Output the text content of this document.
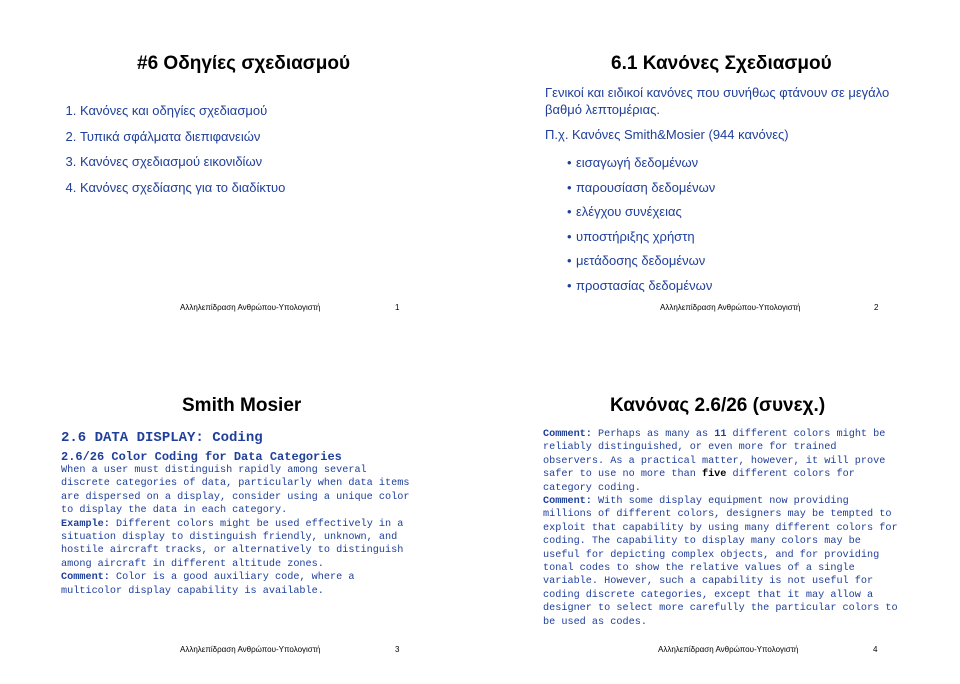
#6 Οδηγίες σχεδιασμού
1. Κανόνες και οδηγίες σχεδιασμού
2. Τυπικά σφάλματα διεπιφανειών
3. Κανόνες σχεδιασμού εικονιδίων
4. Κανόνες σχεδίασης για το διαδίκτυο
Αλληλεπίδραση Ανθρώπου-Υπολογιστή	1
6.1 Κανόνες Σχεδιασμού
Γενικοί και ειδικοί κανόνες που συνήθως φτάνουν σε μεγάλο βαθμό λεπτομέριας.
Π.χ. Κανόνες Smith&Mosier (944 κανόνες)
• εισαγωγή δεδομένων
• παρουσίαση δεδομένων
• ελέγχου συνέχειας
• υποστήριξης χρήστη
• μετάδοσης δεδομένων
• προστασίας δεδομένων
Αλληλεπίδραση Ανθρώπου-Υπολογιστή	2
Smith Mosier
2.6 DATA DISPLAY: Coding
2.6/26 Color Coding for Data Categories
When a user must distinguish rapidly among several discrete categories of data, particularly when data items are dispersed on a display, consider using a unique color to display the data in each category.
Example: Different colors might be used effectively in a situation display to distinguish friendly, unknown, and hostile aircraft tracks, or alternatively to distinguish among aircraft in different altitude zones.
Comment: Color is a good auxiliary code, where a multicolor display capability is available.
Αλληλεπίδραση Ανθρώπου-Υπολογιστή	3
Κανόνας 2.6/26 (συνεχ.)
Comment: Perhaps as many as 11 different colors might be reliably distinguished, or even more for trained observers. As a practical matter, however, it will prove safer to use no more than five different colors for category coding.
Comment: With some display equipment now providing millions of different colors, designers may be tempted to exploit that capability by using many different colors for coding. The capability to display many colors may be useful for depicting complex objects, and for providing tonal codes to show the relative values of a single variable. However, such a capability is not useful for coding discrete categories, except that it may allow a designer to select more carefully the particular colors to be used as codes.
Αλληλεπίδραση Ανθρώπου-Υπολογιστή	4
